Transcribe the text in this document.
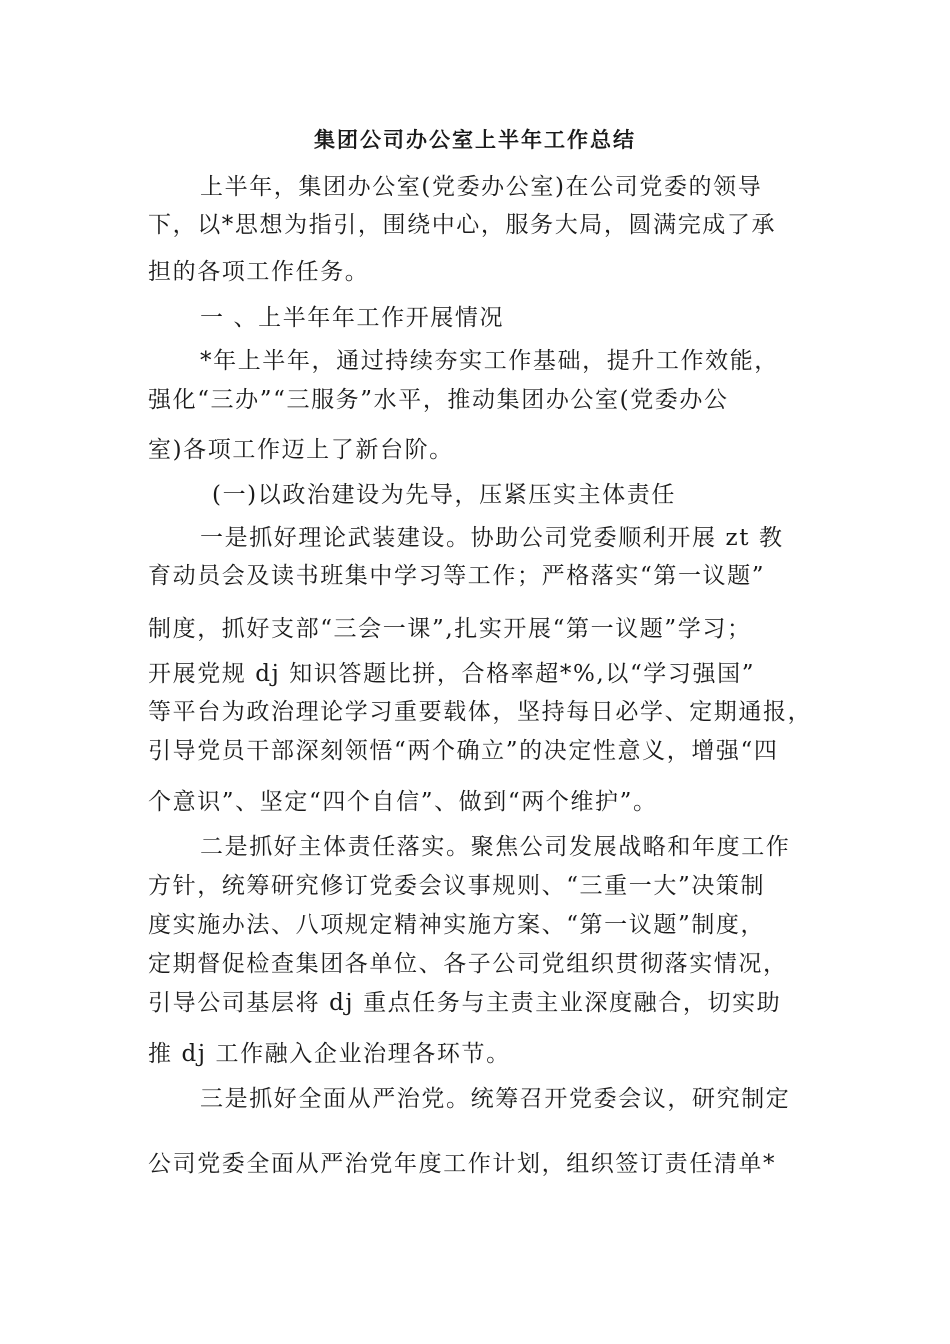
集团公司办公室上半年工作总结

上半年，集团办公室(党委办公室)在公司党委的领导

下，以*思想为指引，围绕中心，服务大局，圆满完成了承

担的各项工作任务。

一 、上半年年工作开展情况

*年上半年，通过持续夯实工作基础，提升工作效能，

强化“三办”“三服务”水平，推动集团办公室(党委办公

室)各项工作迈上了新台阶。

(一)以政治建设为先导，压紧压实主体责任

一是抓好理论武装建设。协助公司党委顺利开展 zt 教

育动员会及读书班集中学习等工作；严格落实“第一议题”

制度，抓好支部“三会一课”,扎实开展“第一议题”学习；

开展党规 dj 知识答题比拼，合格率超*%,以“学习强国”

等平台为政治理论学习重要载体，坚持每日必学、定期通报，

引导党员干部深刻领悟“两个确立”的决定性意义，增强“四

个意识”、坚定“四个自信”、做到“两个维护”。

二是抓好主体责任落实。聚焦公司发展战略和年度工作

方针，统筹研究修订党委会议事规则、“三重一大”决策制

度实施办法、八项规定精神实施方案、“第一议题”制度，

定期督促检查集团各单位、各子公司党组织贯彻落实情况，

引导公司基层将 dj 重点任务与主责主业深度融合，切实助

推 dj 工作融入企业治理各环节。

三是抓好全面从严治党。统筹召开党委会议，研究制定

公司党委全面从严治党年度工作计划，组织签订责任清单*
